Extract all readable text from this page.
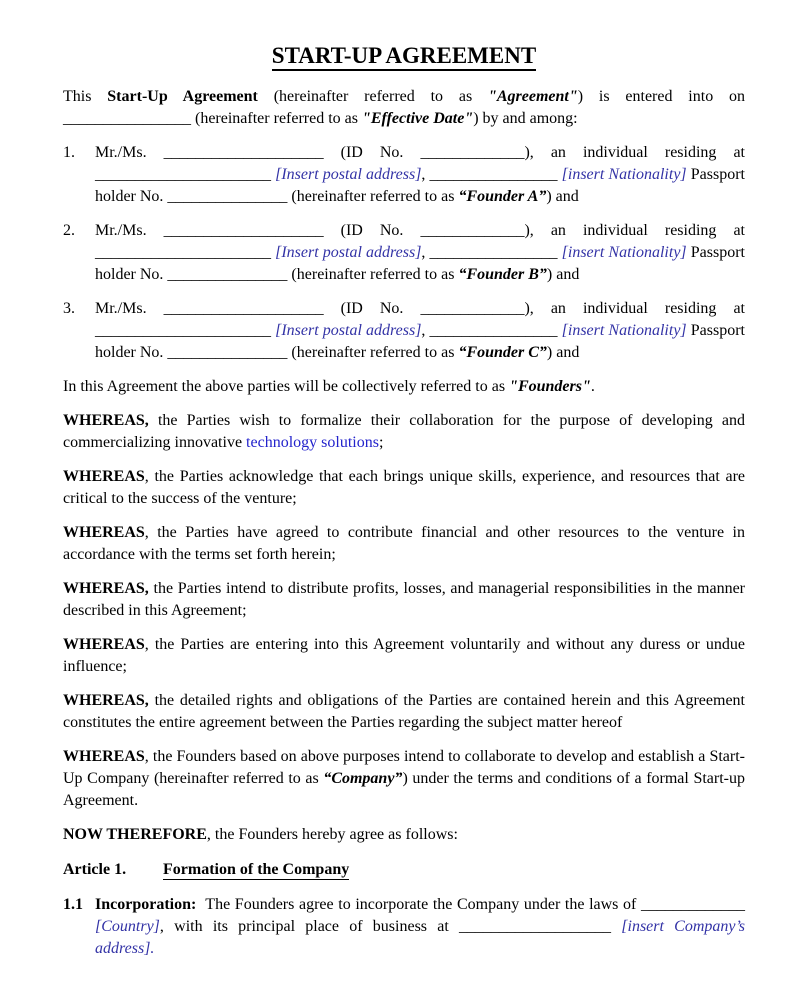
START-UP AGREEMENT

This Start-Up Agreement (hereinafter referred to as "Agreement") is entered into on ________________ (hereinafter referred to as "Effective Date") by and among:

1. Mr./Ms. ____________________ (ID No. _____________), an individual residing at ______________________ [Insert postal address], ________________ [insert Nationality] Passport holder No. _______________ (hereinafter referred to as “Founder A”) and

2. Mr./Ms. ____________________ (ID No. _____________), an individual residing at ______________________ [Insert postal address], ________________ [insert Nationality] Passport holder No. _______________ (hereinafter referred to as “Founder B”) and

3. Mr./Ms. ____________________ (ID No. _____________), an individual residing at ______________________ [Insert postal address], ________________ [insert Nationality] Passport holder No. _______________ (hereinafter referred to as “Founder C”) and

In this Agreement the above parties will be collectively referred to as "Founders".

WHEREAS, the Parties wish to formalize their collaboration for the purpose of developing and commercializing innovative technology solutions;

WHEREAS, the Parties acknowledge that each brings unique skills, experience, and resources that are critical to the success of the venture;

WHEREAS, the Parties have agreed to contribute financial and other resources to the venture in accordance with the terms set forth herein;

WHEREAS, the Parties intend to distribute profits, losses, and managerial responsibilities in the manner described in this Agreement;

WHEREAS, the Parties are entering into this Agreement voluntarily and without any duress or undue influence;

WHEREAS, the detailed rights and obligations of the Parties are contained herein and this Agreement constitutes the entire agreement between the Parties regarding the subject matter hereof

WHEREAS, the Founders based on above purposes intend to collaborate to develop and establish a Start-Up Company (hereinafter referred to as “Company”) under the terms and conditions of a formal Start-up Agreement.

NOW THEREFORE, the Founders hereby agree as follows:

Article 1. Formation of the Company
1.1 Incorporation:  The Founders agree to incorporate the Company under the laws of _____________ [Country], with its principal place of business at ___________________ [insert Company’s address].
